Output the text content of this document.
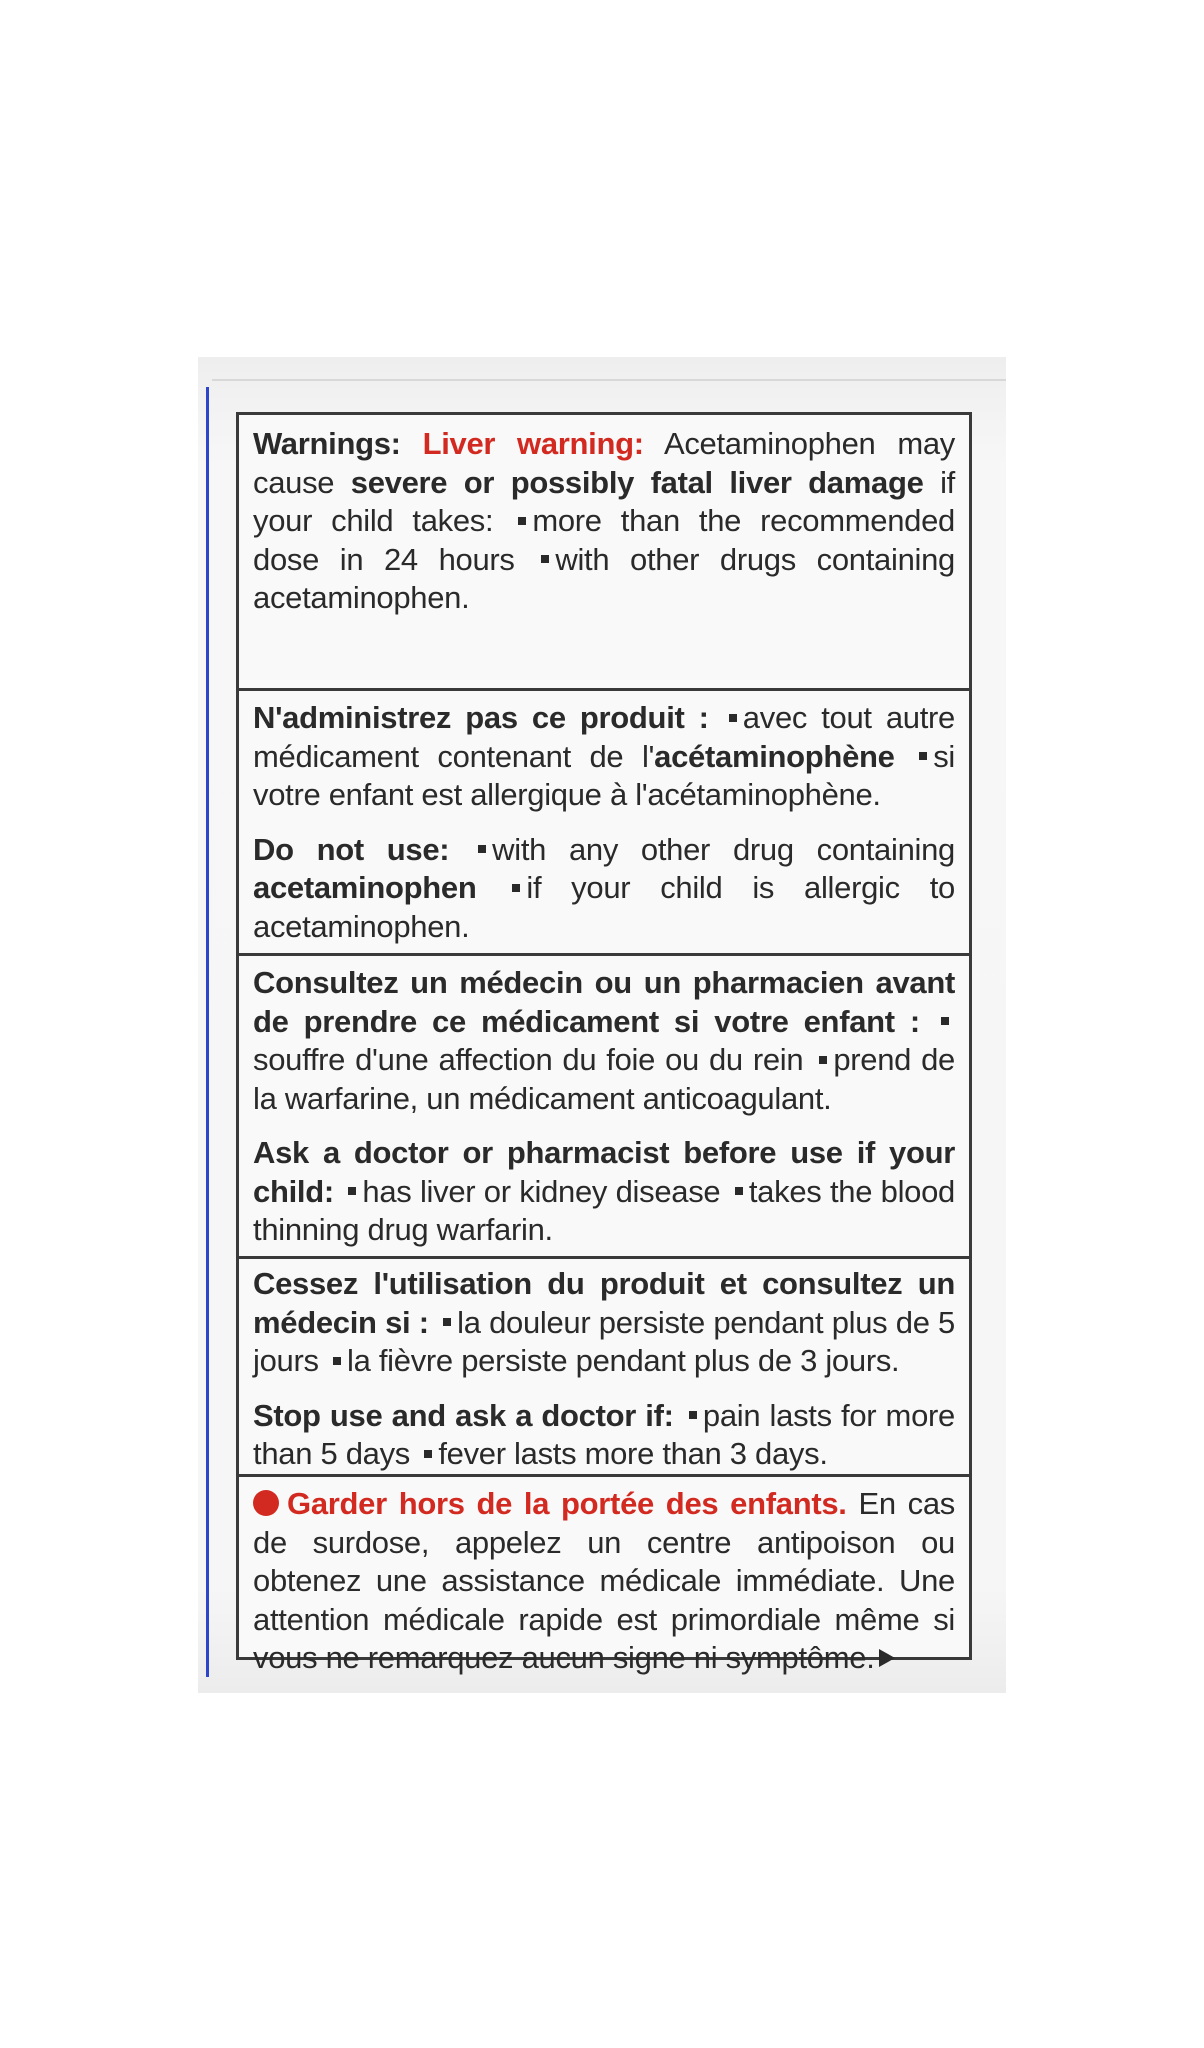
Warnings: Liver warning: Acetaminophen may cause severe or possibly fatal liver damage if your child takes: more than the recommended dose in 24 hours with other drugs containing acetaminophen.

N'administrez pas ce produit : avec tout autre médicament contenant de l'acétaminophène si votre enfant est allergique à l'acétaminophène.

Do not use: with any other drug containing acetaminophen if your child is allergic to acetaminophen.

Consultez un médecin ou un pharmacien avant de prendre ce médicament si votre enfant : souffre d'une affection du foie ou du rein prend de la warfarine, un médicament anticoagulant.

Ask a doctor or pharmacist before use if your child: has liver or kidney disease takes the blood thinning drug warfarin.

Cessez l'utilisation du produit et consultez un médecin si : la douleur persiste pendant plus de 5 jours la fièvre persiste pendant plus de 3 jours.

Stop use and ask a doctor if: pain lasts for more than 5 days fever lasts more than 3 days.

Garder hors de la portée des enfants. En cas de surdose, appelez un centre antipoison ou obtenez une assistance médicale immédiate. Une attention médicale rapide est primordiale même si vous ne remarquez aucun signe ni symptôme.
